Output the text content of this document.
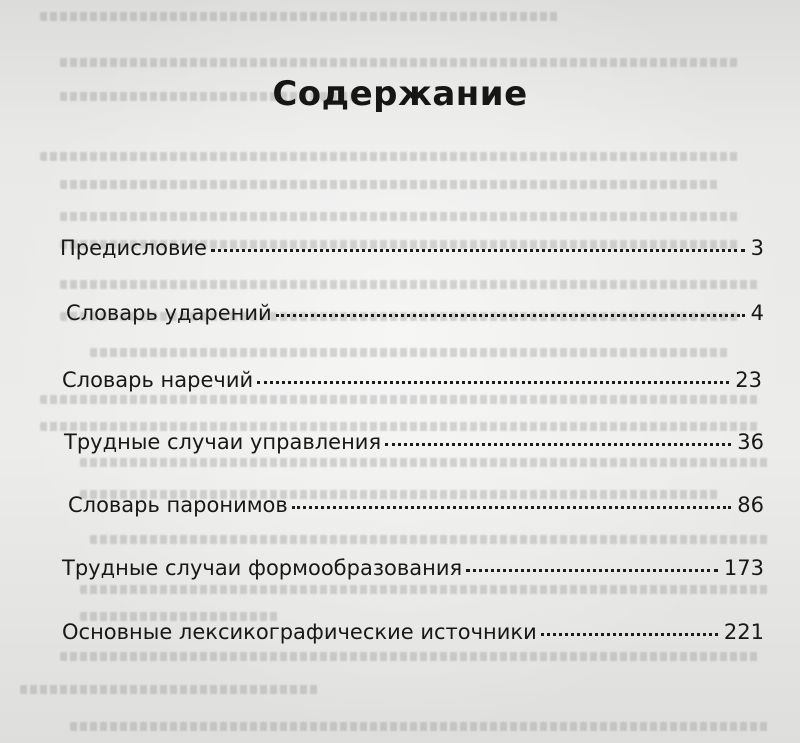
Содержание
Предисловие	3
Словарь ударений	4
Словарь наречий	23
Трудные случаи управления	36
Словарь паронимов	86
Трудные случаи формообразования	173
Основные лексикографические источники	221
